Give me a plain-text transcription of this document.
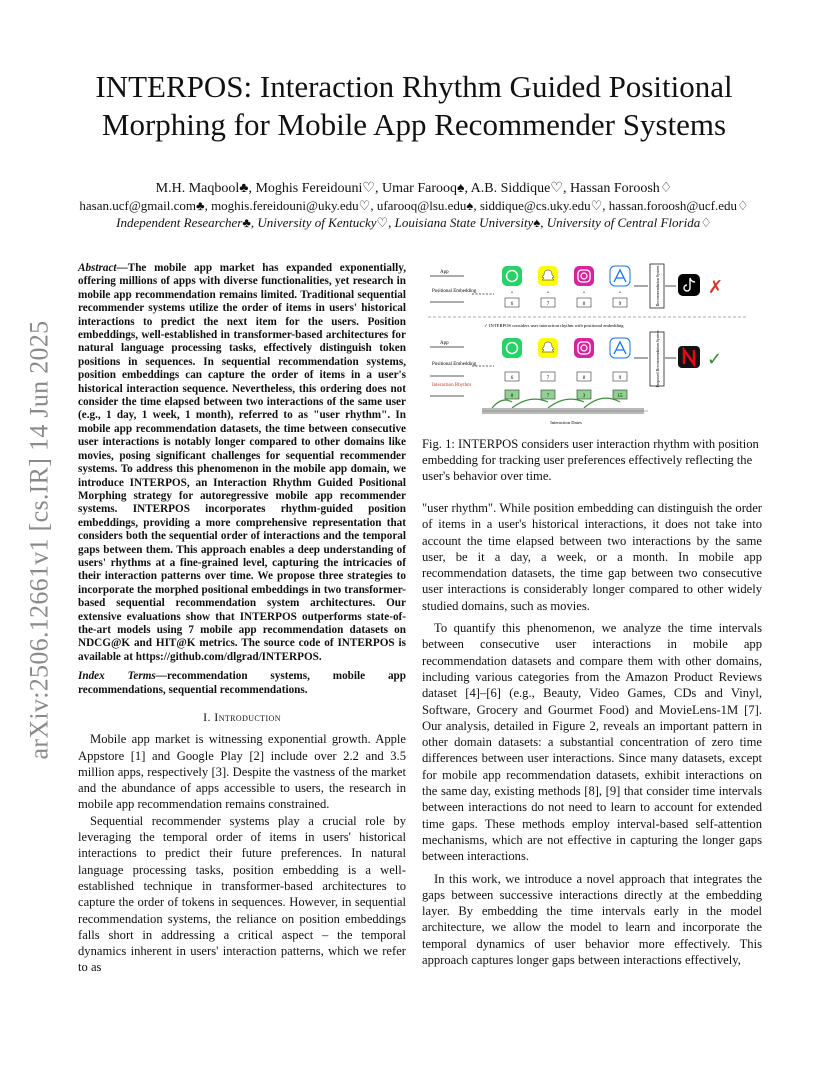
arXiv:2506.12661v1 [cs.IR] 14 Jun 2025
INTERPOS: Interaction Rhythm Guided Positional
Morphing for Mobile App Recommender Systems
M.H. Maqbool♣, Moghis Fereidouni♡, Umar Farooq♠, A.B. Siddique♡, Hassan Foroosh♢
hasan.ucf@gmail.com♣, moghis.fereidouni@uky.edu♡, ufarooq@lsu.edu♠, siddique@cs.uky.edu♡, hassan.foroosh@ucf.edu♢
Independent Researcher♣, University of Kentucky♡, Louisiana State University♠, University of Central Florida♢

Abstract—The mobile app market has expanded exponentially, offering millions of apps with diverse functionalities, yet research in mobile app recommendation remains limited. Traditional sequential recommender systems utilize the order of items in users' historical interactions to predict the next item for the users. Position embeddings, well-established in transformer-based architectures for natural language processing tasks, effectively distinguish token positions in sequences. In sequential recommendation systems, position embeddings can capture the order of items in a user's historical interaction sequence. Nevertheless, this ordering does not consider the time elapsed between two interactions of the same user (e.g., 1 day, 1 week, 1 month), referred to as "user rhythm". In mobile app recommendation datasets, the time between consecutive user interactions is notably longer compared to other domains like movies, posing significant challenges for sequential recommender systems. To address this phenomenon in the mobile app domain, we introduce INTERPOS, an Interaction Rhythm Guided Positional Morphing strategy for autoregressive mobile app recommender systems. INTERPOS incorporates rhythm-guided position embeddings, providing a more comprehensive representation that considers both the sequential order of interactions and the temporal gaps between them. This approach enables a deep understanding of users' rhythms at a fine-grained level, capturing the intricacies of their interaction patterns over time. We propose three strategies to incorporate the morphed positional embeddings in two transformer-based sequential recommendation system architectures. Our extensive evaluations show that INTERPOS outperforms state-of-the-art models using 7 mobile app recommendation datasets on NDCG@K and HIT@K metrics. The source code of INTERPOS is available at https://github.com/dlgrad/INTERPOS.

Index Terms—recommendation systems, mobile app recommendations, sequential recommendations.

I. Introduction

Mobile app market is witnessing exponential growth. Apple Appstore [1] and Google Play [2] include over 2.2 and 3.5 million apps, respectively [3]. Despite the vastness of the market and the abundance of apps accessible to users, the research in mobile app recommendation remains constrained.

Sequential recommender systems play a crucial role by leveraging the temporal order of items in users' historical interactions to predict their future preferences. In natural language processing tasks, position embedding is a well-established technique in transformer-based architectures to capture the order of tokens in sequences. However, in sequential recommendation systems, the reliance on position embeddings falls short in addressing a critical aspect – the temporal dynamics inherent in users' interaction patterns, which we refer to as

App
Positional Embedding	•	•	•	•
6	7	8	9	Recommendation System	✗
✓ INTERPOS considers user interaction rhythm with positional embedding
App
Positional Embedding
Interaction Rhythm
6	7	8	9
0	7	3	15
Interaction Dates
Proposed Recommendation System	✓

Fig. 1: INTERPOS considers user interaction rhythm with position embedding for tracking user preferences effectively reflecting the user's behavior over time.

"user rhythm". While position embedding can distinguish the order of items in a user's historical interactions, it does not take into account the time elapsed between two interactions by the same user, be it a day, a week, or a month. In mobile app recommendation datasets, the time gap between two consecutive user interactions is considerably longer compared to other widely studied domains, such as movies.

To quantify this phenomenon, we analyze the time intervals between consecutive user interactions in mobile app recommendation datasets and compare them with other domains, including various categories from the Amazon Product Reviews dataset [4]–[6] (e.g., Beauty, Video Games, CDs and Vinyl, Software, Grocery and Gourmet Food) and MovieLens-1M [7]. Our analysis, detailed in Figure 2, reveals an important pattern in other domain datasets: a substantial concentration of zero time differences between user interactions. Since many datasets, except for mobile app recommendation datasets, exhibit interactions on the same day, existing methods [8], [9] that consider time intervals between interactions do not need to learn to account for extended time gaps. These methods employ interval-based self-attention mechanisms, which are not effective in capturing the longer gaps between interactions.

In this work, we introduce a novel approach that integrates the gaps between successive interactions directly at the embedding layer. By embedding the time intervals early in the model architecture, we allow the model to learn and incorporate the temporal dynamics of user behavior more effectively. This approach captures longer gaps between interactions effectively,
